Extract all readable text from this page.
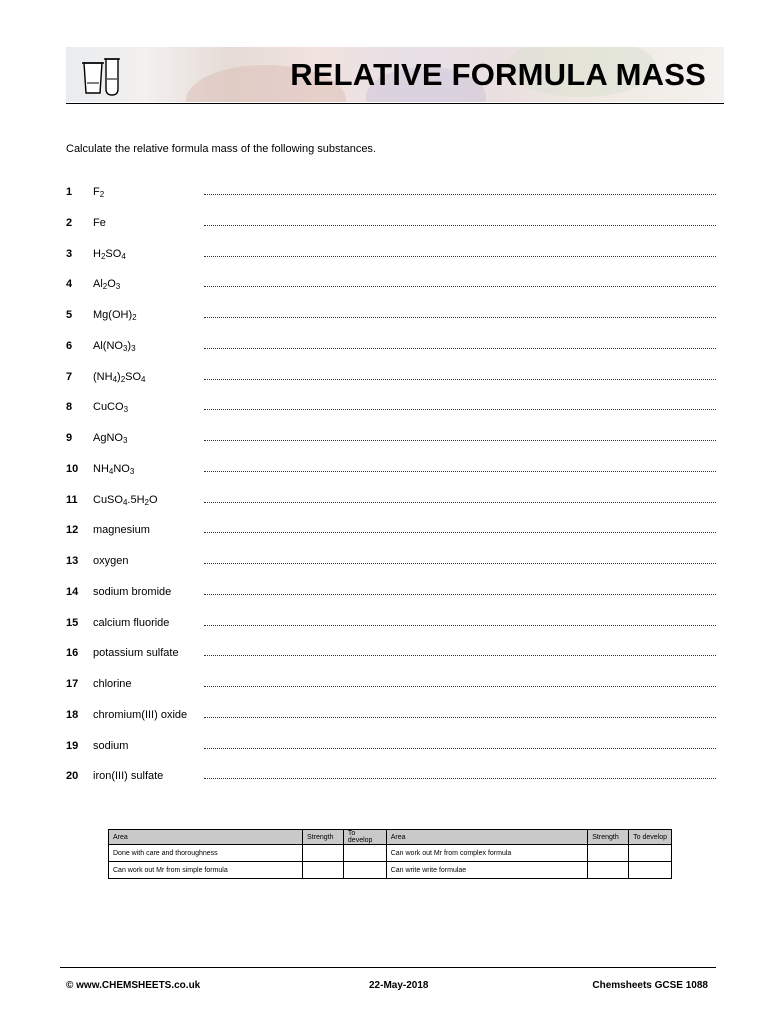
RELATIVE FORMULA MASS
Calculate the relative formula mass of the following substances.
1 $F_2$
2 Fe
3 $H_2SO_4$
4 $Al_2O_3$
5 $Mg(OH)_2$
6 $Al(NO_3)_3$
7 $(NH_4)_2SO_4$
8 CuCO$_3$
9 AgNO$_3$
10 $NH_4NO_3$
11 $CuSO_4.5H_2O$
12 magnesium
13 oxygen
14 sodium bromide
15 calcium fluoride
16 potassium sulfate
17 chlorine
18 chromium(III) oxide
19 sodium
20 iron(III) sulfate
Area	Strength	To develop	Area	Strength	To develop
Done with care and thoroughness			Can work out Mr from complex formula		
Can work out Mr from simple formula			Can write write formulae		
© www.CHEMSHEETS.co.uk	22-May-2018	Chemsheets GCSE 1088
